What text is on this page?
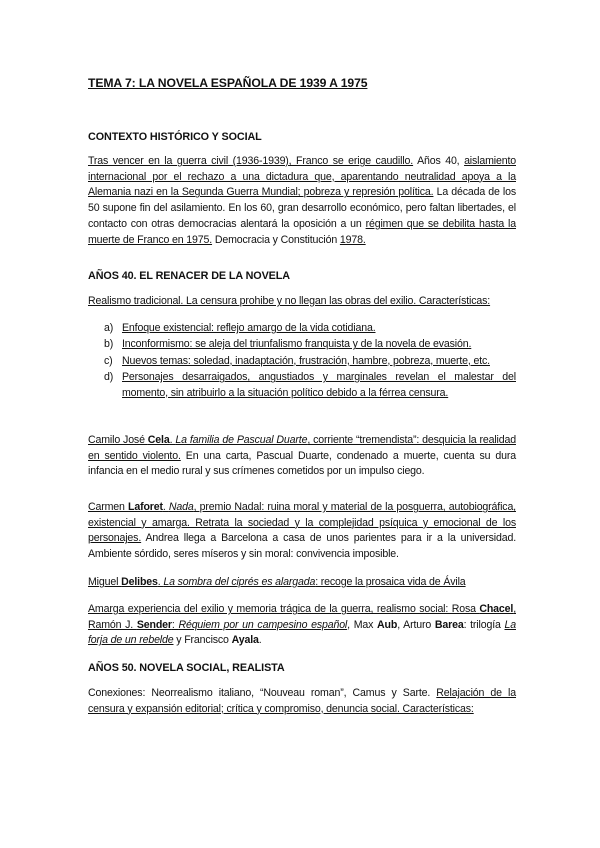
TEMA 7: LA NOVELA ESPAÑOLA DE 1939 A 1975
CONTEXTO HISTÓRICO Y SOCIAL
Tras vencer en la guerra civil (1936-1939), Franco se erige caudillo. Años 40, aislamiento internacional por el rechazo a una dictadura que, aparentando neutralidad apoya a la Alemania nazi en la Segunda Guerra Mundial; pobreza y represión política. La década de los 50 supone fin del asilamiento. En los 60, gran desarrollo económico, pero faltan libertades, el contacto con otras democracias alentará la oposición a un régimen que se debilita hasta la muerte de Franco en 1975. Democracia y Constitución 1978.
AÑOS 40. EL RENACER DE LA NOVELA
Realismo tradicional. La censura prohibe y no llegan las obras del exilio. Características:
a) Enfoque existencial: reflejo amargo de la vida cotidiana.
b) Inconformismo: se aleja del triunfalismo franquista y de la novela de evasión.
c) Nuevos temas: soledad, inadaptación, frustración, hambre, pobreza, muerte, etc.
d) Personajes desarraigados, angustiados y marginales revelan el malestar del momento, sin atribuirlo a la situación político debido a la férrea censura.
Camilo José Cela. La familia de Pascual Duarte, corriente “tremendista”: desquicia la realidad en sentido violento. En una carta, Pascual Duarte, condenado a muerte, cuenta su dura infancia en el medio rural y sus crímenes cometidos por un impulso ciego.
Carmen Laforet. Nada, premio Nadal: ruina moral y material de la posguerra, autobiográfica, existencial y amarga. Retrata la sociedad y la complejidad psíquica y emocional de los personajes. Andrea llega a Barcelona a casa de unos parientes para ir a la universidad. Ambiente sórdido, seres míseros y sin moral: convivencia imposible.
Miguel Delibes. La sombra del ciprés es alargada: recoge la prosaica vida de Ávila
Amarga experiencia del exilio y memoria trágica de la guerra, realismo social: Rosa Chacel, Ramón J. Sender: Réquiem por un campesino español, Max Aub, Arturo Barea: trilogía La forja de un rebelde y Francisco Ayala.
AÑOS 50. NOVELA SOCIAL, REALISTA
Conexiones: Neorrealismo italiano, “Nouveau roman”, Camus y Sarte. Relajación de la censura y expansión editorial; crítica y compromiso, denuncia social. Características:
